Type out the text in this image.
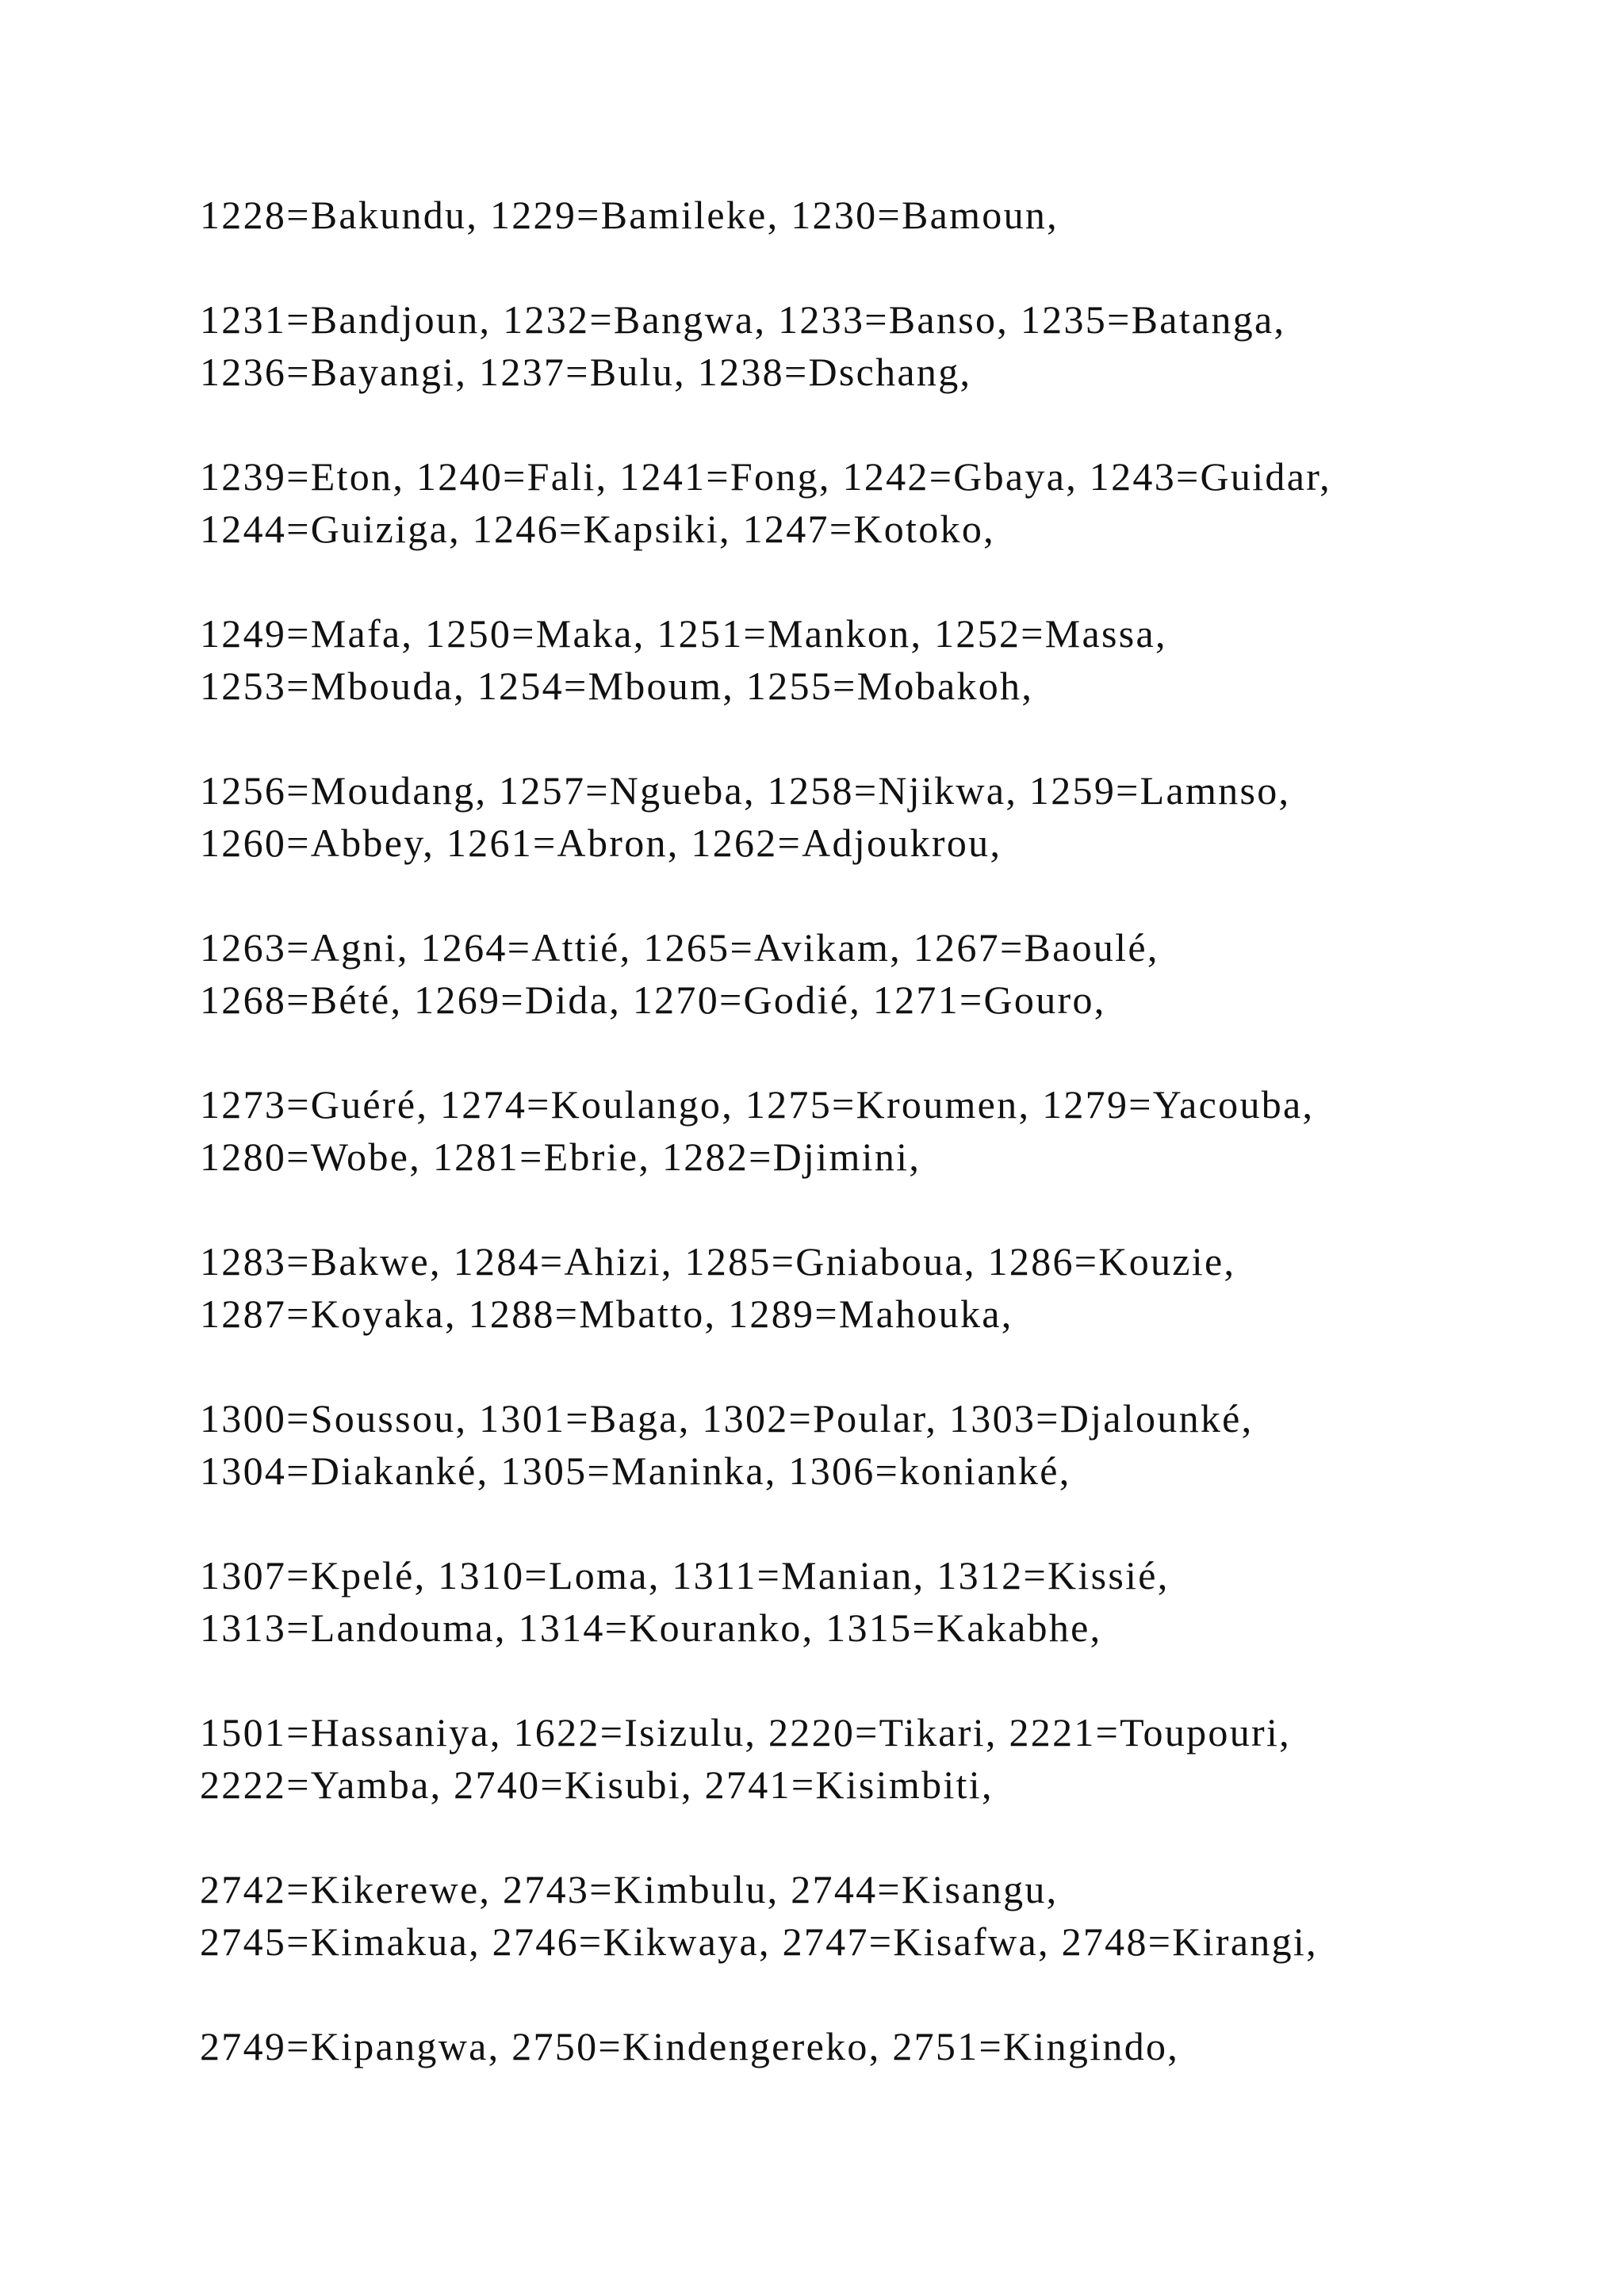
1228=Bakundu, 1229=Bamileke, 1230=Bamoun,

1231=Bandjoun, 1232=Bangwa, 1233=Banso, 1235=Batanga,
1236=Bayangi, 1237=Bulu, 1238=Dschang,

1239=Eton, 1240=Fali, 1241=Fong, 1242=Gbaya, 1243=Guidar,
1244=Guiziga, 1246=Kapsiki, 1247=Kotoko,

1249=Mafa, 1250=Maka, 1251=Mankon, 1252=Massa,
1253=Mbouda, 1254=Mboum, 1255=Mobakoh,

1256=Moudang, 1257=Ngueba, 1258=Njikwa, 1259=Lamnso,
1260=Abbey, 1261=Abron, 1262=Adjoukrou,

1263=Agni, 1264=Attié, 1265=Avikam, 1267=Baoulé,
1268=Bété, 1269=Dida, 1270=Godié, 1271=Gouro,

1273=Guéré, 1274=Koulango, 1275=Kroumen, 1279=Yacouba,
1280=Wobe, 1281=Ebrie, 1282=Djimini,

1283=Bakwe, 1284=Ahizi, 1285=Gniaboua, 1286=Kouzie,
1287=Koyaka, 1288=Mbatto, 1289=Mahouka,

1300=Soussou, 1301=Baga, 1302=Poular, 1303=Djalounké,
1304=Diakanké, 1305=Maninka, 1306=konianké,

1307=Kpelé, 1310=Loma, 1311=Manian, 1312=Kissié,
1313=Landouma, 1314=Kouranko, 1315=Kakabhe,

1501=Hassaniya, 1622=Isizulu, 2220=Tikari, 2221=Toupouri,
2222=Yamba, 2740=Kisubi, 2741=Kisimbiti,

2742=Kikerewe, 2743=Kimbulu, 2744=Kisangu,
2745=Kimakua, 2746=Kikwaya, 2747=Kisafwa, 2748=Kirangi,

2749=Kipangwa, 2750=Kindengereko, 2751=Kingindo,
